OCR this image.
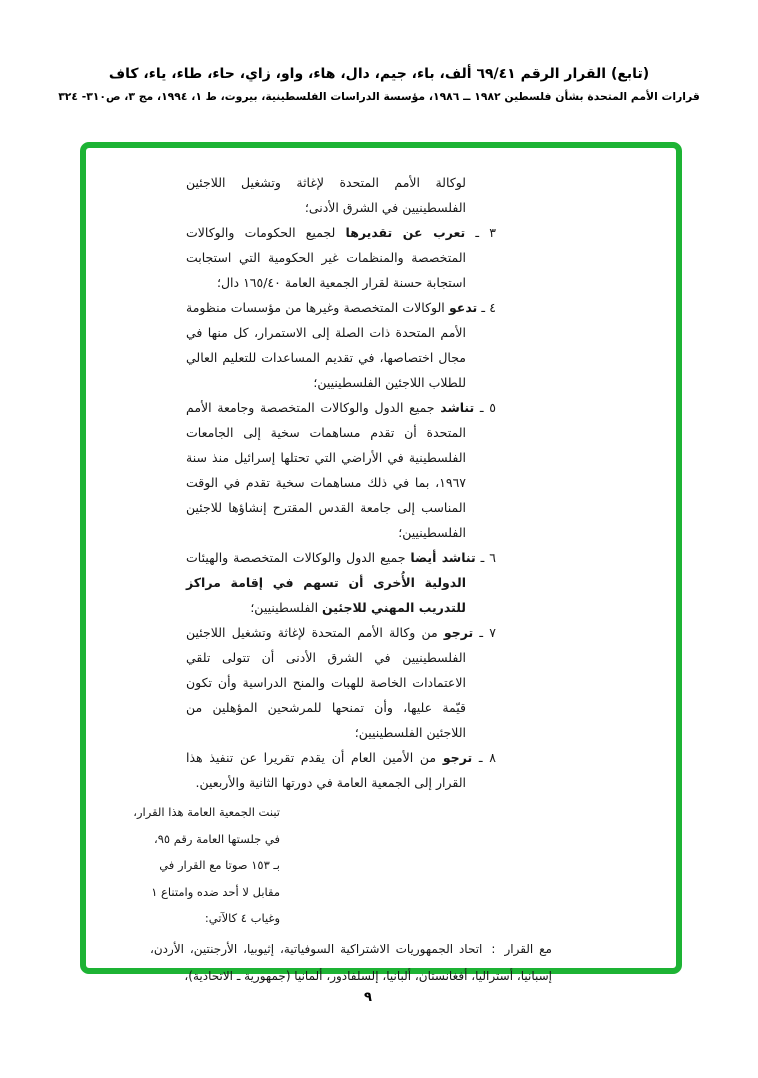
(تابع) القرار الرقم ٦٩/٤١ ألف، باء، جيم، دال، هاء، واو، زاي، حاء، طاء، ياء، كاف
قرارات الأمم المتحدة بشأن فلسطين ١٩٨٢ ــ ١٩٨٦، مؤسسة الدراسات الفلسطينية، بيروت، ط ١، ١٩٩٤، مج ٣، ص٣١٠- ٣٢٤

لوكالة الأمم المتحدة لإغاثة وتشغيل اللاجئين الفلسطينيين في الشرق الأدنى؛

٣ ـ تعرب عن تقديرها لجميع الحكومات والوكالات المتخصصة والمنظمات غير الحكومية التي استجابت استجابة حسنة لقرار الجمعية العامة ١٦٥/٤٠ دال؛

٤ ـ تدعو الوكالات المتخصصة وغيرها من مؤسسات منظومة الأمم المتحدة ذات الصلة إلى الاستمرار، كل منها في مجال اختصاصها، في تقديم المساعدات للتعليم العالي للطلاب اللاجئين الفلسطينيين؛

٥ ـ تناشد جميع الدول والوكالات المتخصصة وجامعة الأمم المتحدة أن تقدم مساهمات سخية إلى الجامعات الفلسطينية في الأراضي التي تحتلها إسرائيل منذ سنة ١٩٦٧، بما في ذلك مساهمات سخية تقدم في الوقت المناسب إلى جامعة القدس المقترح إنشاؤها للاجئين الفلسطينيين؛

٦ ـ تناشد أيضا جميع الدول والوكالات المتخصصة والهيئات الدولية الأُخرى أن تسهم في إقامة مراكز للتدريب المهني للاجئين الفلسطينيين؛

٧ ـ ترجو من وكالة الأمم المتحدة لإغاثة وتشغيل اللاجئين الفلسطينيين في الشرق الأدنى أن تتولى تلقي الاعتمادات الخاصة للهبات والمنح الدراسية وأن تكون قيّمة عليها، وأن تمنحها للمرشحين المؤهلين من اللاجئين الفلسطينيين؛

٨ ـ ترجو من الأمين العام أن يقدم تقريرا عن تنفيذ هذا القرار إلى الجمعية العامة في دورتها الثانية والأربعين.

تبنت الجمعية العامة هذا القرار،
في جلستها العامة رقم ٩٥،
بـ ١٥٣ صوتا مع القرار في
مقابل لا أحد ضده وامتناع ١
وغياب ٤ كالآتي:
مع القرار:اتحاد الجمهوريات الاشتراكية السوفياتية، إثيوبيا، الأرجنتين، الأردن، إسبانيا، أستراليا، أفغانستان، ألبانيا، إلسلفادور، ألمانيا (جمهورية ـ الاتحادية)،
٩
